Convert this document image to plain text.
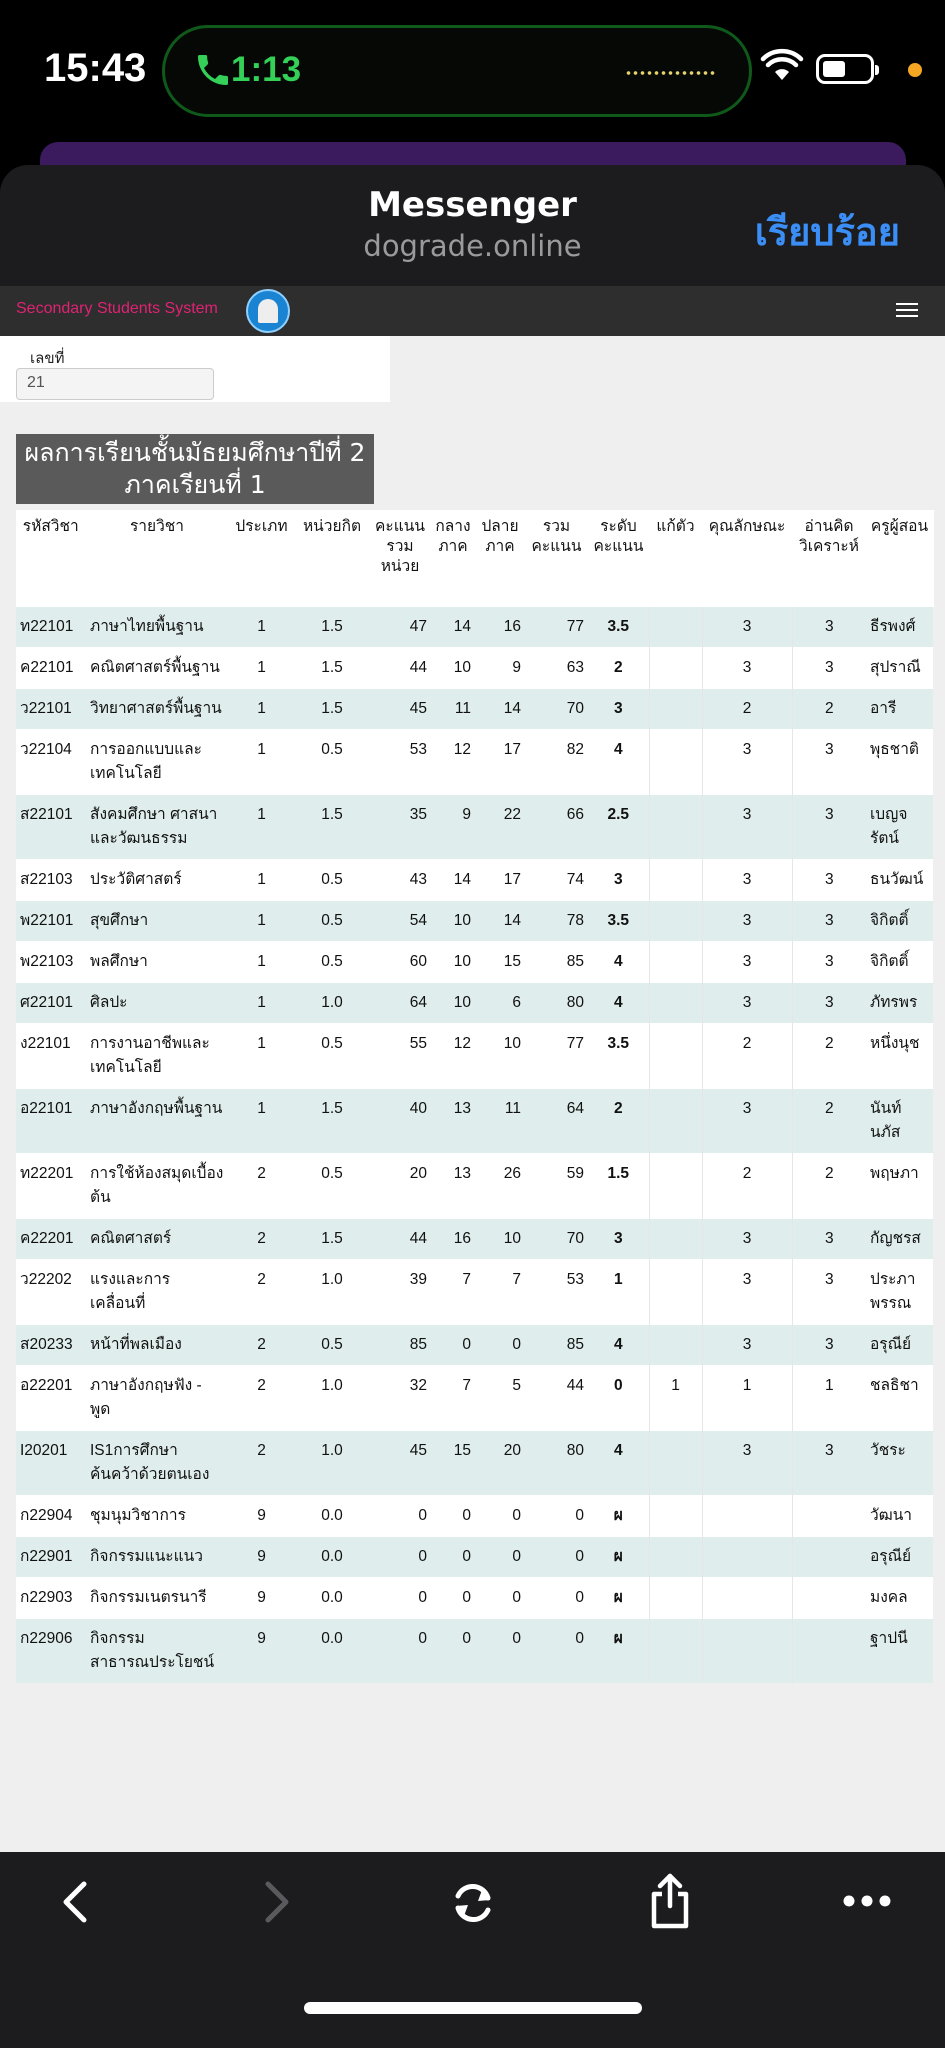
15:43 1:13
Messenger
dograde.online	เรียบร้อย
Secondary Students System
เลขที่
21
ผลการเรียนชั้นมัธยมศึกษาปีที่ 2 ภาคเรียนที่ 1
รหัสวิชา	รายวิชา	ประเภท	หน่วยกิต	คะแนนรวมหน่วย	กลางภาค	ปลายภาค	รวมคะแนน	ระดับคะแนน	แก้ตัว	คุณลักษณะ	อ่านคิดวิเคราะห์	ครูผู้สอน
ท22101	ภาษาไทยพื้นฐาน	1	1.5	47	14	16	77	3.5		3	3	ธีรพงศ์
ค22101	คณิตศาสตร์พื้นฐาน	1	1.5	44	10	9	63	2		3	3	สุปราณี
ว22101	วิทยาศาสตร์พื้นฐาน	1	1.5	45	11	14	70	3		2	2	อารี
ว22104	การออกแบบและเทคโนโลยี	1	0.5	53	12	17	82	4		3	3	พุธชาติ
ส22101	สังคมศึกษา ศาสนาและวัฒนธรรม	1	1.5	35	9	22	66	2.5		3	3	เบญจรัตน์
ส22103	ประวัติศาสตร์	1	0.5	43	14	17	74	3		3	3	ธนวัฒน์
พ22101	สุขศึกษา	1	0.5	54	10	14	78	3.5		3	3	จิกิตติ์
พ22103	พลศึกษา	1	0.5	60	10	15	85	4		3	3	จิกิตติ์
ศ22101	ศิลปะ	1	1.0	64	10	6	80	4		3	3	ภัทรพร
ง22101	การงานอาชีพและเทคโนโลยี	1	0.5	55	12	10	77	3.5		2	2	หนึ่งนุช
อ22101	ภาษาอังกฤษพื้นฐาน	1	1.5	40	13	11	64	2		3	2	นันท์นภัส
ท22201	การใช้ห้องสมุดเบื้องต้น	2	0.5	20	13	26	59	1.5		2	2	พฤษภา
ค22201	คณิตศาสตร์	2	1.5	44	16	10	70	3		3	3	กัญชรส
ว22202	แรงและการเคลื่อนที่	2	1.0	39	7	7	53	1		3	3	ประภาพรรณ
ส20233	หน้าที่พลเมือง	2	0.5	85	0	0	85	4		3	3	อรุณีย์
อ22201	ภาษาอังกฤษฟัง - พูด	2	1.0	32	7	5	44	0	1	1	1	ชลธิชา
I20201	IS1การศึกษาค้นคว้าด้วยตนเอง	2	1.0	45	15	20	80	4		3	3	วัชระ
ก22904	ชุมนุมวิชาการ	9	0.0	0	0	0	0	ผ				วัฒนา
ก22901	กิจกรรมแนะแนว	9	0.0	0	0	0	0	ผ				อรุณีย์
ก22903	กิจกรรมเนตรนารี	9	0.0	0	0	0	0	ผ				มงคล
ก22906	กิจกรรมสาธารณประโยชน์	9	0.0	0	0	0	0	ผ				ฐาปนี
